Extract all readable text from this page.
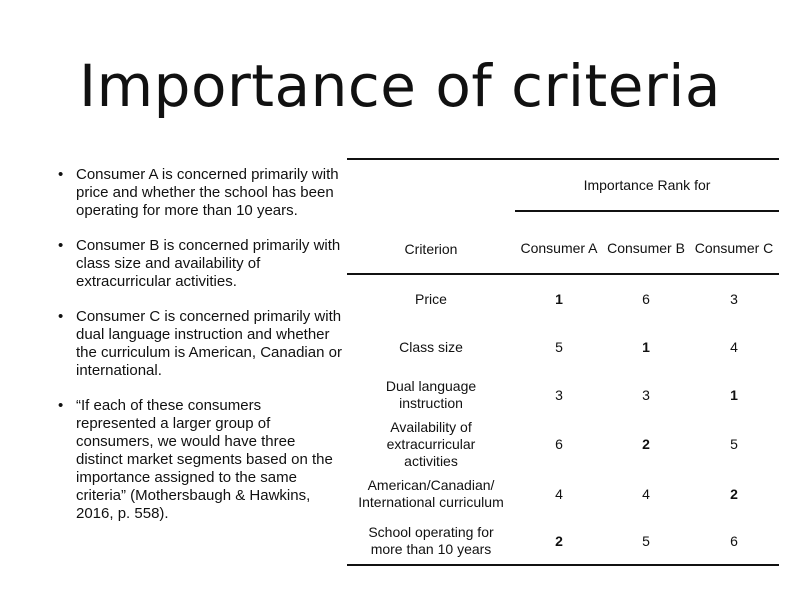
Importance of criteria
• Consumer A is concerned primarily with price and whether the school has been operating for more than 10 years.
• Consumer B is concerned primarily with class size and availability of extracurricular activities.
• Consumer C is concerned primarily with dual language instruction and whether the curriculum is American, Canadian or international.
• “If each of these consumers represented a larger group of consumers, we would have three distinct market segments based on the importance assigned to the same criteria” (Mothersbaugh & Hawkins, 2016, p. 558).
	Importance Rank for		
Criterion	Consumer A	Consumer B	Consumer C
Price	1	6	3
Class size	5	1	4
Dual language instruction	3	3	1
Availability of extracurricular activities	6	2	5
American/Canadian/ International curriculum	4	4	2
School operating for more than 10 years	2	5	6
